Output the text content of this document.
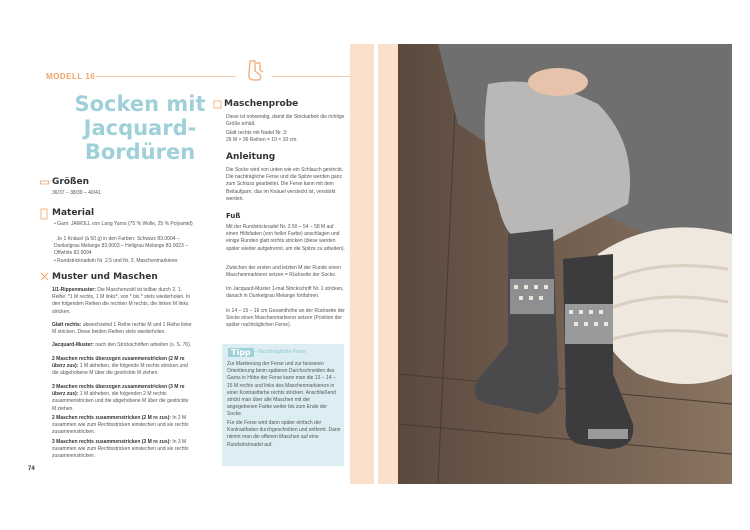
MODELL 16
Socken mit
Jacquard-
Bordüren
Größen
36/37 – 38/39 – 40/41
Material
• Garn: JAWOLL von Lang Yarns (75 % Wolle, 25 % Polyamid)
Je 1 Knäuel (à 50 g) in den Farben: Schwarz 83.0004 – Dunkelgrau Melange 83.0003 – Hellgrau Melange 83.0023 – Offwhite 83.0094
• Rundstricknadeln Nr. 2,5 und Nr. 3, Maschenmarkierer
Muster und Maschen
1/1-Rippenmuster: Die Maschenzahl ist teilbar durch 2. 1. Reihe: *1 M rechts, 1 M links*, von * bis * stets wiederholen. In den folgenden Reihen die rechten M rechts, die linken M links stricken.
Glatt rechts: abwechselnd 1 Reihe rechte M und 1 Reihe linke M stricken. Diese beiden Reihen stets wiederholen.
Jacquard-Muster: nach den Strickschriften arbeiten (s. S. 76).
2 Maschen rechts überzogen zusammenstricken (2 M re überz zus): 1 M abheben, die folgende M rechts stricken und die abgehobene M über die gestrickte M ziehen.
3 Maschen rechts überzogen zusammenstricken (3 M re überz zus): 1 M abheben, die folgenden 2 M rechts zusammenstricken und die abgehobene M über die gestrickte M ziehen.
2 Maschen rechts zusammenstricken (2 M re zus): In 2 M zusammen wie zum Rechtsstricken einstechen und sie rechts zusammenstricken.
3 Maschen rechts zusammenstricken (3 M re zus): In 3 M zusammen wie zum Rechtsstricken einstechen und sie rechts zusammenstricken.
74
Maschenprobe
Diese ist notwendig, damit die Strickarbeit die richtige Größe erhält.
Glatt rechts mit Nadel Nr. 3:
26 M × 36 Reihen = 10 × 10 cm.
Anleitung
Die Socke wird von unten wie ein Schlauch gestrickt. Die nachträgliche Ferse und die Spitze werden ganz zum Schluss gearbeitet. Die Ferse kann mit dem Beilaufgarn, das im Knäuel versteckt ist, verstärkt werden.
Fuß
Mit der Rundstricknadel Nr. 3 50 – 54 – 58 M auf einen Hilfsfaden (von heller Farbe) anschlagen und einige Runden glatt rechts stricken (diese werden später wieder aufgetrennt, um die Spitze zu arbeiten).
Zwischen der ersten und letzten M der Runde einen Maschenmarkierer setzen = Rückseite der Socke.
Im Jacquard-Muster 1-mal Strickschrift Nr. 1 stricken, danach in Dunkelgrau Melange fortfahren.
In 14 – 15 – 16 cm Gesamthöhe an der Rückseite der Socke einen Maschenmarkierer setzen (Position der später nachträglichen Ferse).
Tipp – Nachträgliche Ferse
Zur Markierung der Ferse und zur besseren Orientierung beim späteren Durchschneiden des Garns in Höhe der Ferse kann man die 13 – 14 – 15 M rechts und links des Maschenmarkierers in einer Kontrastfarbe rechts stricken. Anschließend strickt man über alle Maschen mit der angegebenen Farbe weiter bis zum Ende der Socke.
Für die Ferse wird dann später einfach der Kontrastfaden durchgeschnitten und entfernt. Dann nimmt man die offenen Maschen auf eine Rundstricknadel auf.
